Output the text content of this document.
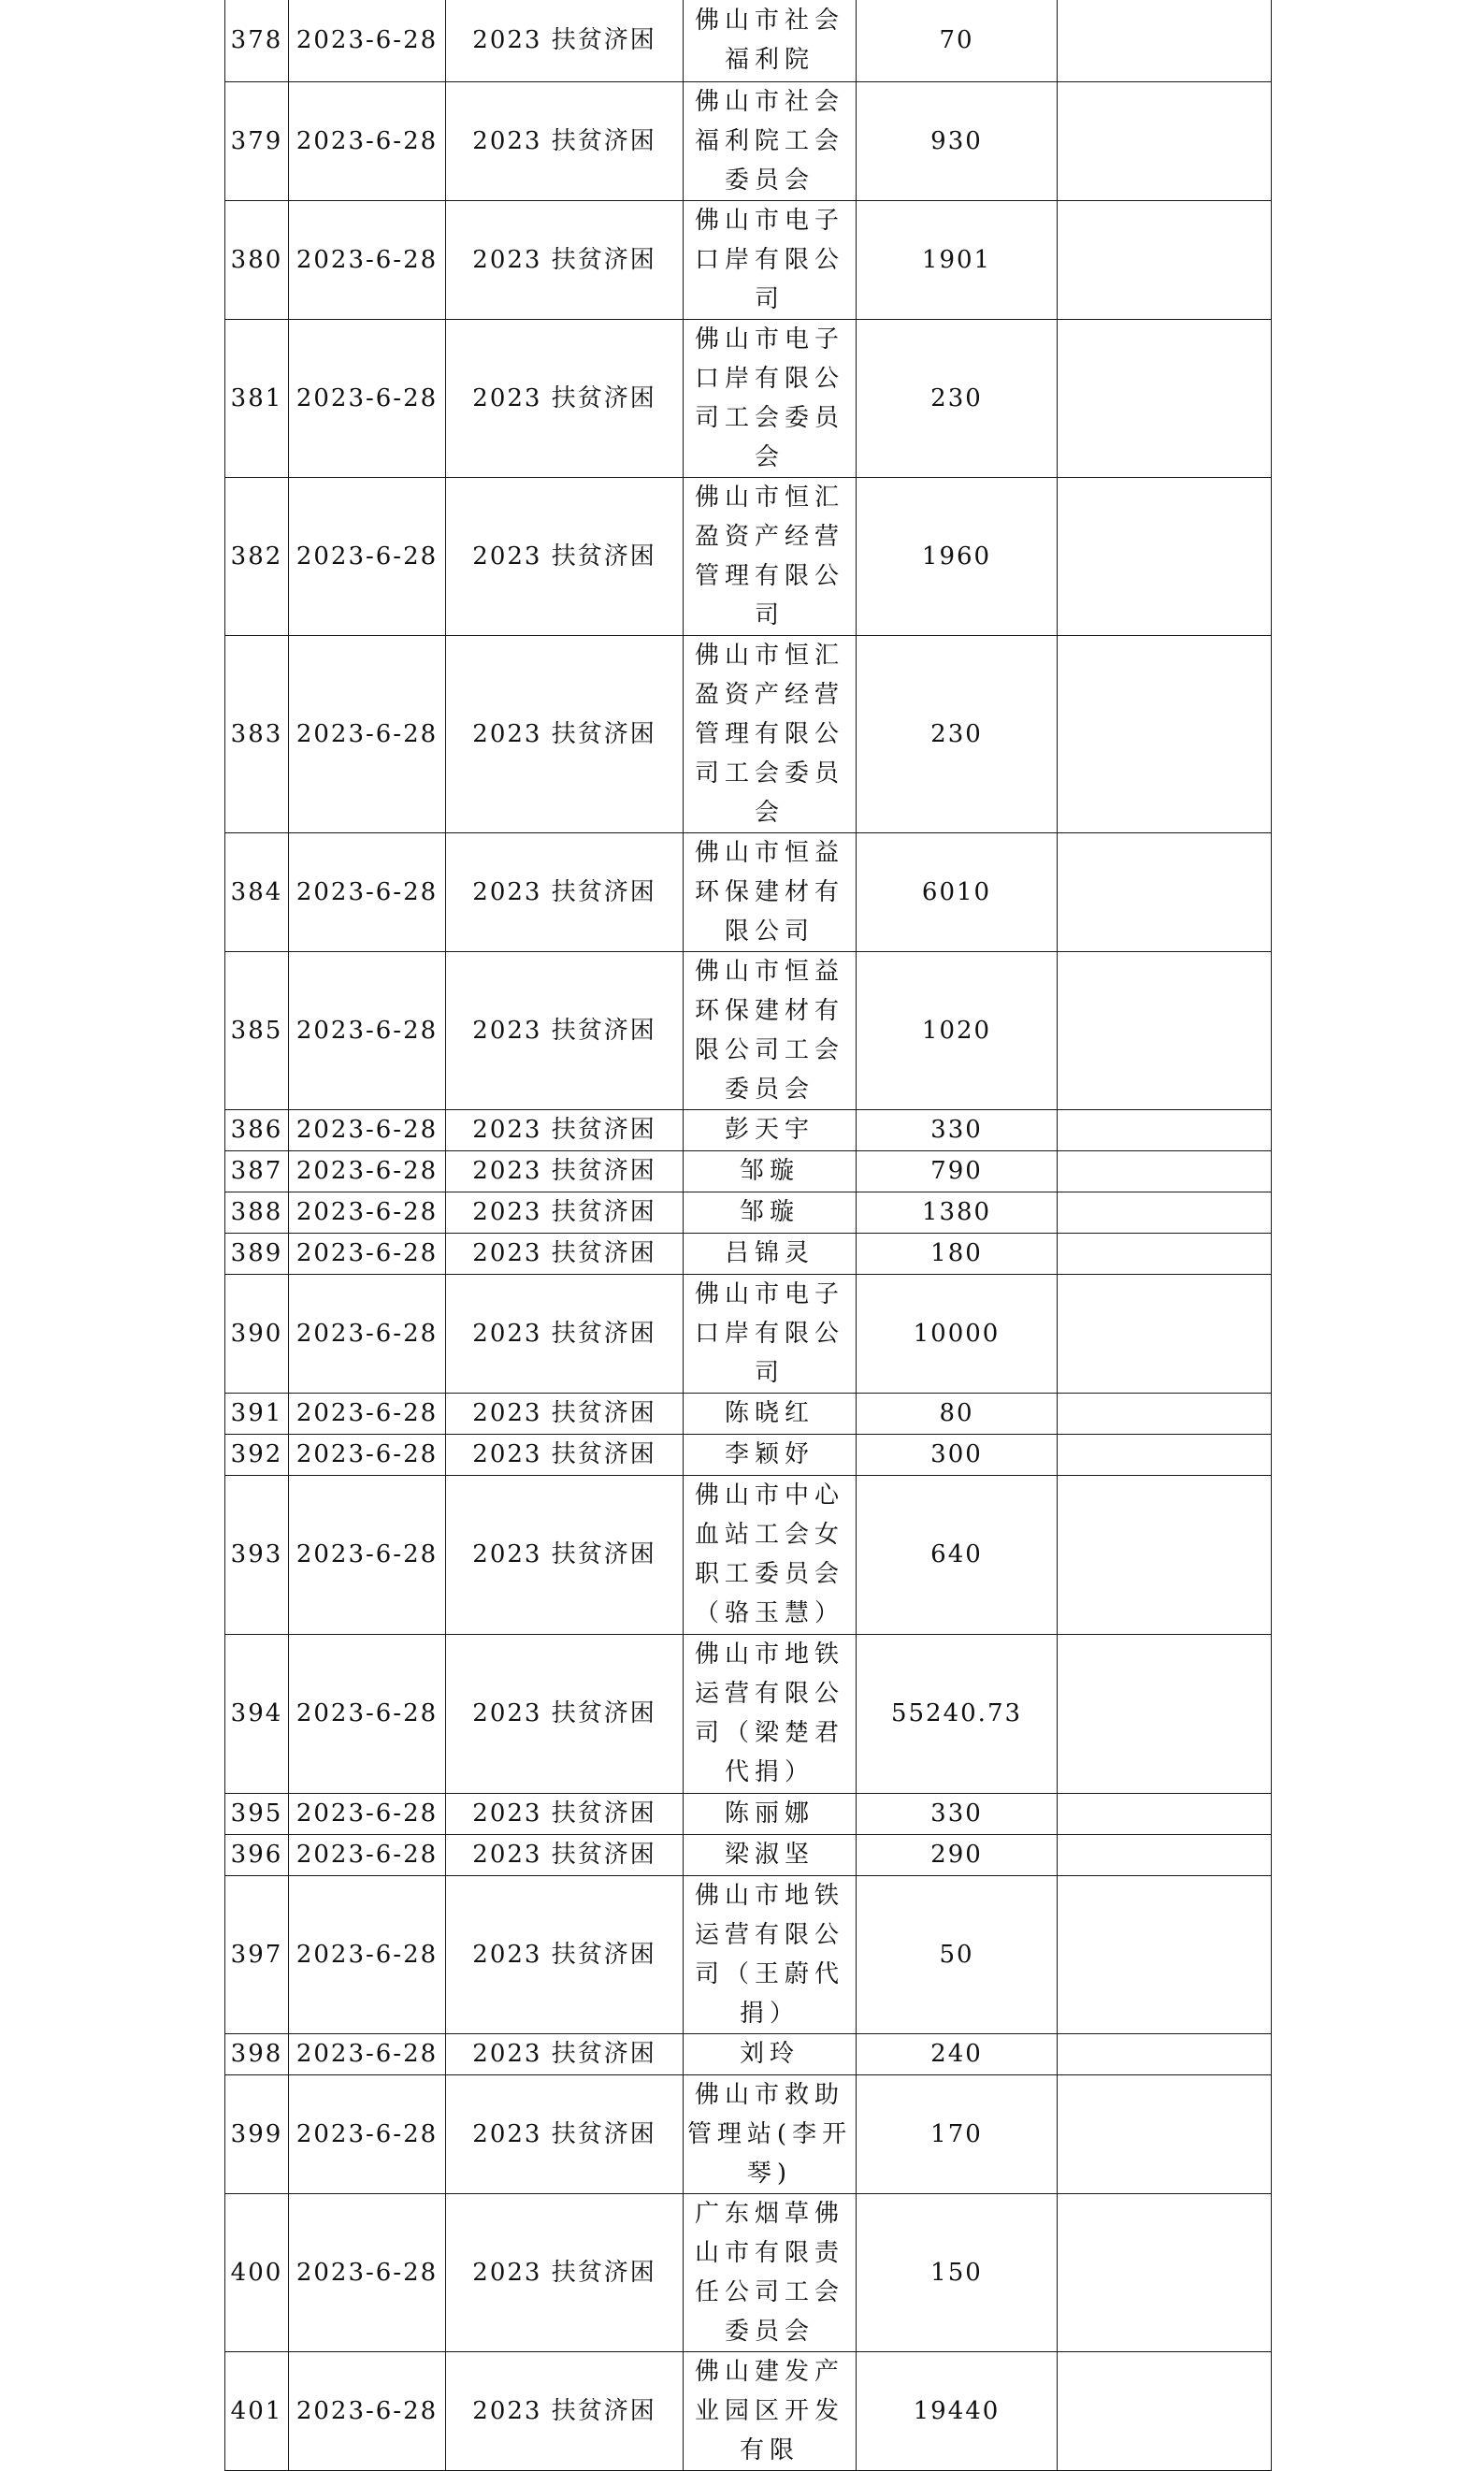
378	2023-6-28	2023 扶贫济困	佛山市社会福利院	70	
379	2023-6-28	2023 扶贫济困	佛山市社会福利院工会委员会	930	
380	2023-6-28	2023 扶贫济困	佛山市电子口岸有限公司	1901	
381	2023-6-28	2023 扶贫济困	佛山市电子口岸有限公司工会委员会	230	
382	2023-6-28	2023 扶贫济困	佛山市恒汇盈资产经营管理有限公司	1960	
383	2023-6-28	2023 扶贫济困	佛山市恒汇盈资产经营管理有限公司工会委员会	230	
384	2023-6-28	2023 扶贫济困	佛山市恒益环保建材有限公司	6010	
385	2023-6-28	2023 扶贫济困	佛山市恒益环保建材有限公司工会委员会	1020	
386	2023-6-28	2023 扶贫济困	彭天宇	330	
387	2023-6-28	2023 扶贫济困	邹璇	790	
388	2023-6-28	2023 扶贫济困	邹璇	1380	
389	2023-6-28	2023 扶贫济困	吕锦灵	180	
390	2023-6-28	2023 扶贫济困	佛山市电子口岸有限公司	10000	
391	2023-6-28	2023 扶贫济困	陈晓红	80	
392	2023-6-28	2023 扶贫济困	李颖妤	300	
393	2023-6-28	2023 扶贫济困	佛山市中心血站工会女职工委员会（骆玉慧）	640	
394	2023-6-28	2023 扶贫济困	佛山市地铁运营有限公司（梁楚君代捐）	55240.73	
395	2023-6-28	2023 扶贫济困	陈丽娜	330	
396	2023-6-28	2023 扶贫济困	梁淑坚	290	
397	2023-6-28	2023 扶贫济困	佛山市地铁运营有限公司（王蔚代捐）	50	
398	2023-6-28	2023 扶贫济困	刘玲	240	
399	2023-6-28	2023 扶贫济困	佛山市救助管理站(李开琴)	170	
400	2023-6-28	2023 扶贫济困	广东烟草佛山市有限责任公司工会委员会	150	
401	2023-6-28	2023 扶贫济困	佛山建发产业园区开发有限	19440	
